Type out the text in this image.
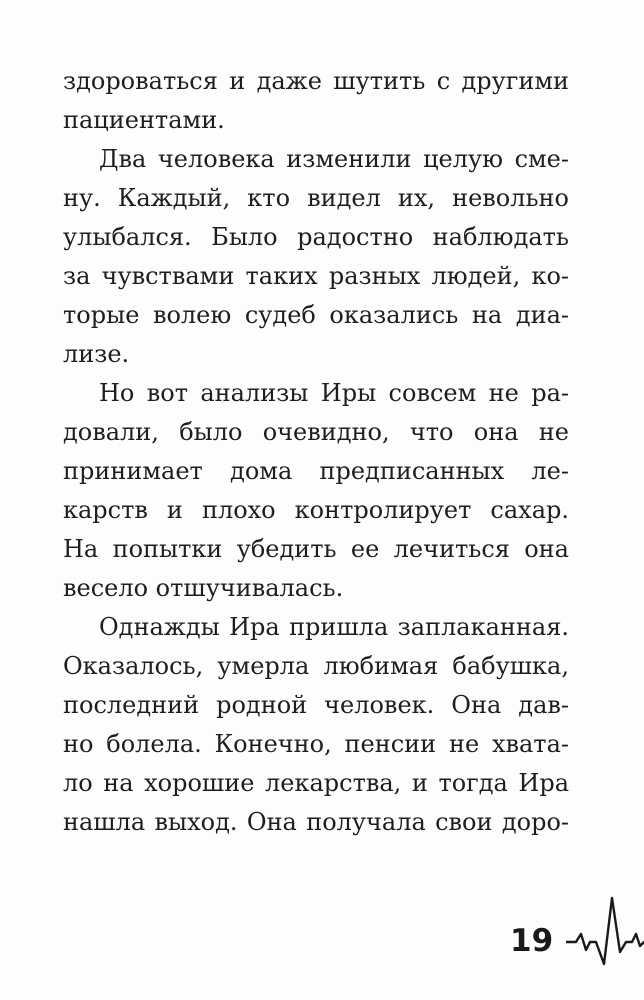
здороваться и даже шутить с другими
пациентами.
Два человека изменили целую сме-
ну. Каждый, кто видел их, невольно
улыбался. Было радостно наблюдать
за чувствами таких разных людей, ко-
торые волею судеб оказались на диа-
лизе.
Но вот анализы Иры совсем не ра-
довали, было очевидно, что она не
принимает дома предписанных ле-
карств и плохо контролирует сахар.
На попытки убедить ее лечиться она
весело отшучивалась.
Однажды Ира пришла заплаканная.
Оказалось, умерла любимая бабушка,
последний родной человек. Она дав-
но болела. Конечно, пенсии не хвата-
ло на хорошие лекарства, и тогда Ира
нашла выход. Она получала свои доро-
19
